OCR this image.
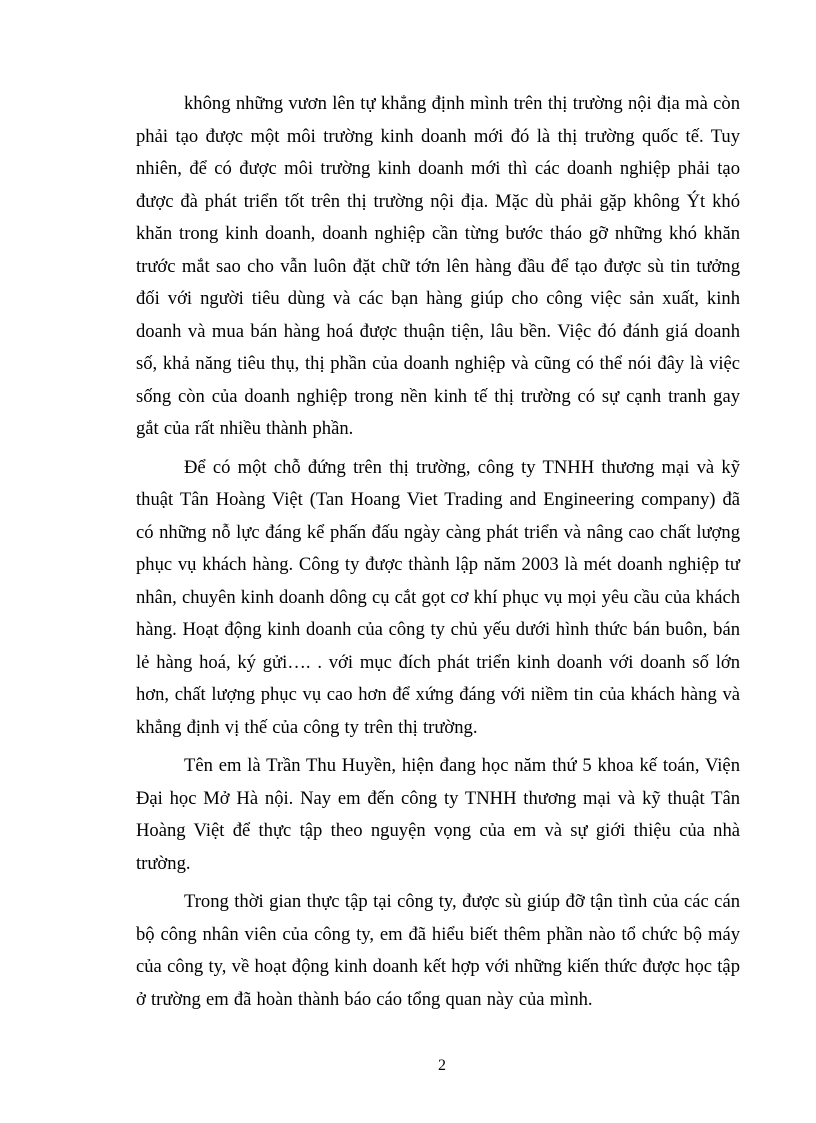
không những vươn lên tự khẳng định mình trên thị trường nội địa mà còn phải tạo được một môi trường kinh doanh mới đó là thị trường quốc tế. Tuy nhiên, để có được môi trường kinh doanh mới thì các doanh nghiệp phải tạo được đà phát triển tốt trên thị trường nội địa. Mặc dù phải gặp không Ýt khó khăn trong kinh doanh, doanh nghiệp cần từng bước tháo gỡ những khó khăn trước mắt sao cho vẫn luôn đặt chữ tớn lên hàng đầu để tạo được sù tin tưởng đối với người tiêu dùng và các bạn hàng giúp cho công việc sản xuất, kinh doanh và mua bán hàng hoá được thuận tiện, lâu bền. Việc đó đánh giá doanh số, khả năng tiêu thụ, thị phần của doanh nghiệp và cũng có thể nói đây là việc sống còn của doanh nghiệp trong nền kinh tế thị trường có sự cạnh tranh gay gắt của rất nhiều thành phần.

Để có một chỗ đứng trên thị trường, công ty TNHH thương mại và kỹ thuật Tân Hoàng Việt (Tan Hoang Viet Trading and Engineering company) đã có những nỗ lực đáng kể phấn đấu ngày càng phát triển và nâng cao chất lượng phục vụ khách hàng. Công ty được thành lập năm 2003 là mét doanh nghiệp tư nhân, chuyên kinh doanh dông cụ cắt gọt cơ khí phục vụ mọi yêu cầu của khách hàng. Hoạt động kinh doanh của công ty chủ yếu dưới hình thức bán buôn, bán lẻ hàng hoá, ký gửi…. . với mục đích phát triển kinh doanh với doanh số lớn hơn, chất lượng phục vụ cao hơn để xứng đáng với niềm tin của khách hàng và khẳng định vị thế của công ty trên thị trường.

Tên em là Trần Thu Huyền, hiện đang học năm thứ 5 khoa kế toán, Viện Đại học Mở Hà nội. Nay em đến công ty TNHH thương mại và kỹ thuật Tân Hoàng Việt để thực tập theo nguyện vọng của em và sự giới thiệu của nhà trường.

Trong thời gian thực tập tại công ty, được sù giúp đỡ tận tình của các cán bộ công nhân viên của công ty, em đã hiểu biết thêm phần nào tổ chức bộ máy của công ty, về hoạt động kinh doanh kết hợp với những kiến thức được học tập ở trường em đã hoàn thành báo cáo tổng quan này của mình.

2
